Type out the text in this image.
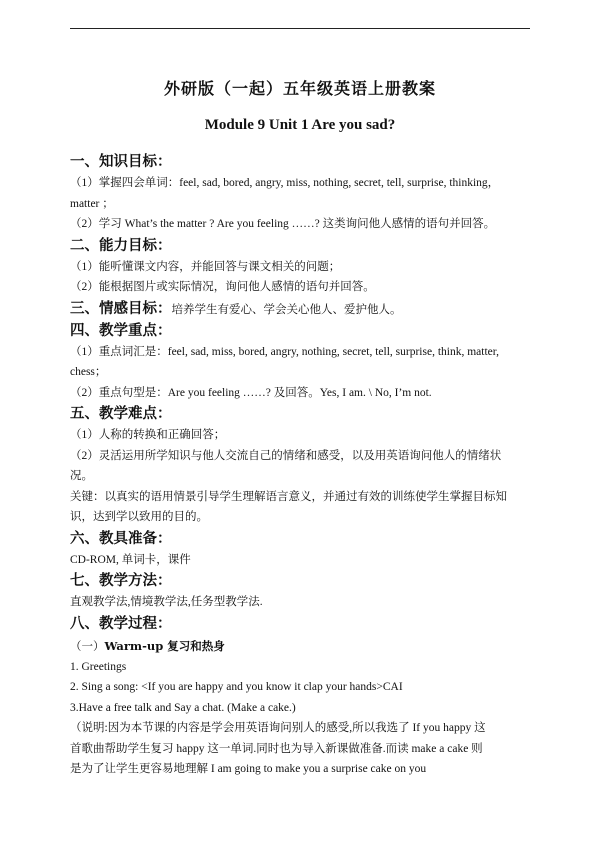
外研版（一起）五年级英语上册教案
Module 9 Unit 1 Are you sad?
一、知识目标：
（1）掌握四会单词：feel, sad, bored, angry, miss, nothing, secret, tell, surprise, thinking，
matter ；
（2）学习 What’s the matter ? Are you feeling ……? 这类询问他人感情的语句并回答。
二、能力目标：
（1）能听懂课文内容，并能回答与课文相关的问题；
（2）能根据图片或实际情况，询问他人感情的语句并回答。
三、情感目标：培养学生有爱心、学会关心他人、爱护他人。
四、教学重点：
（1）重点词汇是：feel, sad, miss, bored, angry, nothing, secret, tell, surprise, think, matter,
chess；
（2）重点句型是：Are you feeling ……? 及回答。Yes, I am. \ No, I’m not.
五、教学难点：
（1）人称的转换和正确回答；
（2）灵活运用所学知识与他人交流自己的情绪和感受，以及用英语询问他人的情绪状
况。
关键：以真实的语用情景引导学生理解语言意义，并通过有效的训练使学生掌握目标知
识，达到学以致用的目的。
六、教具准备：
CD-ROM, 单词卡，课件
七、教学方法：
直观教学法,情境教学法,任务型教学法.
八、教学过程：
（一）Warm-up 复习和热身
1. Greetings
2. Sing a song: <If you are happy and you know it clap your hands>CAI
3.Have a free talk and Say a chat. (Make a cake.)
（说明:因为本节课的内容是学会用英语询问别人的感受,所以我选了 If you happy 这
首歌曲帮助学生复习 happy 这一单词.同时也为导入新课做准备.而读 make a cake 则
是为了让学生更容易地理解 I am going to make you a surprise cake on you
